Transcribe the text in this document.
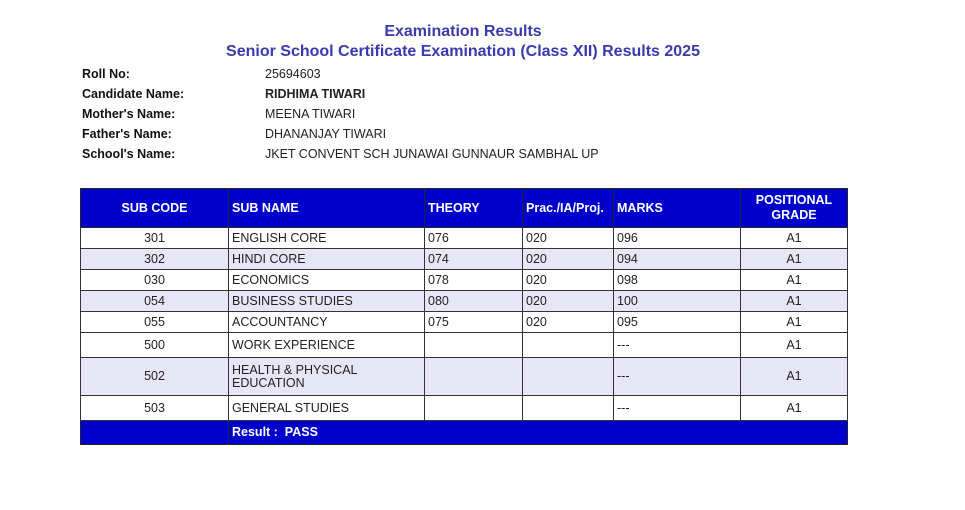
Examination Results
Senior School Certificate Examination (Class XII) Results 2025
Roll No:	25694603
Candidate Name:	RIDHIMA TIWARI
Mother's Name:	MEENA TIWARI
Father's Name:	DHANANJAY TIWARI
School's Name:	JKET CONVENT SCH JUNAWAI GUNNAUR SAMBHAL UP
SUB CODE	SUB NAME	THEORY	Prac./IA/Proj.	MARKS	POSITIONAL GRADE
301	ENGLISH CORE	076	020	096	A1
302	HINDI CORE	074	020	094	A1
030	ECONOMICS	078	020	098	A1
054	BUSINESS STUDIES	080	020	100	A1
055	ACCOUNTANCY	075	020	095	A1
500	WORK EXPERIENCE			---	A1
502	HEALTH & PHYSICAL EDUCATION			---	A1
503	GENERAL STUDIES			---	A1
	Result : PASS				
